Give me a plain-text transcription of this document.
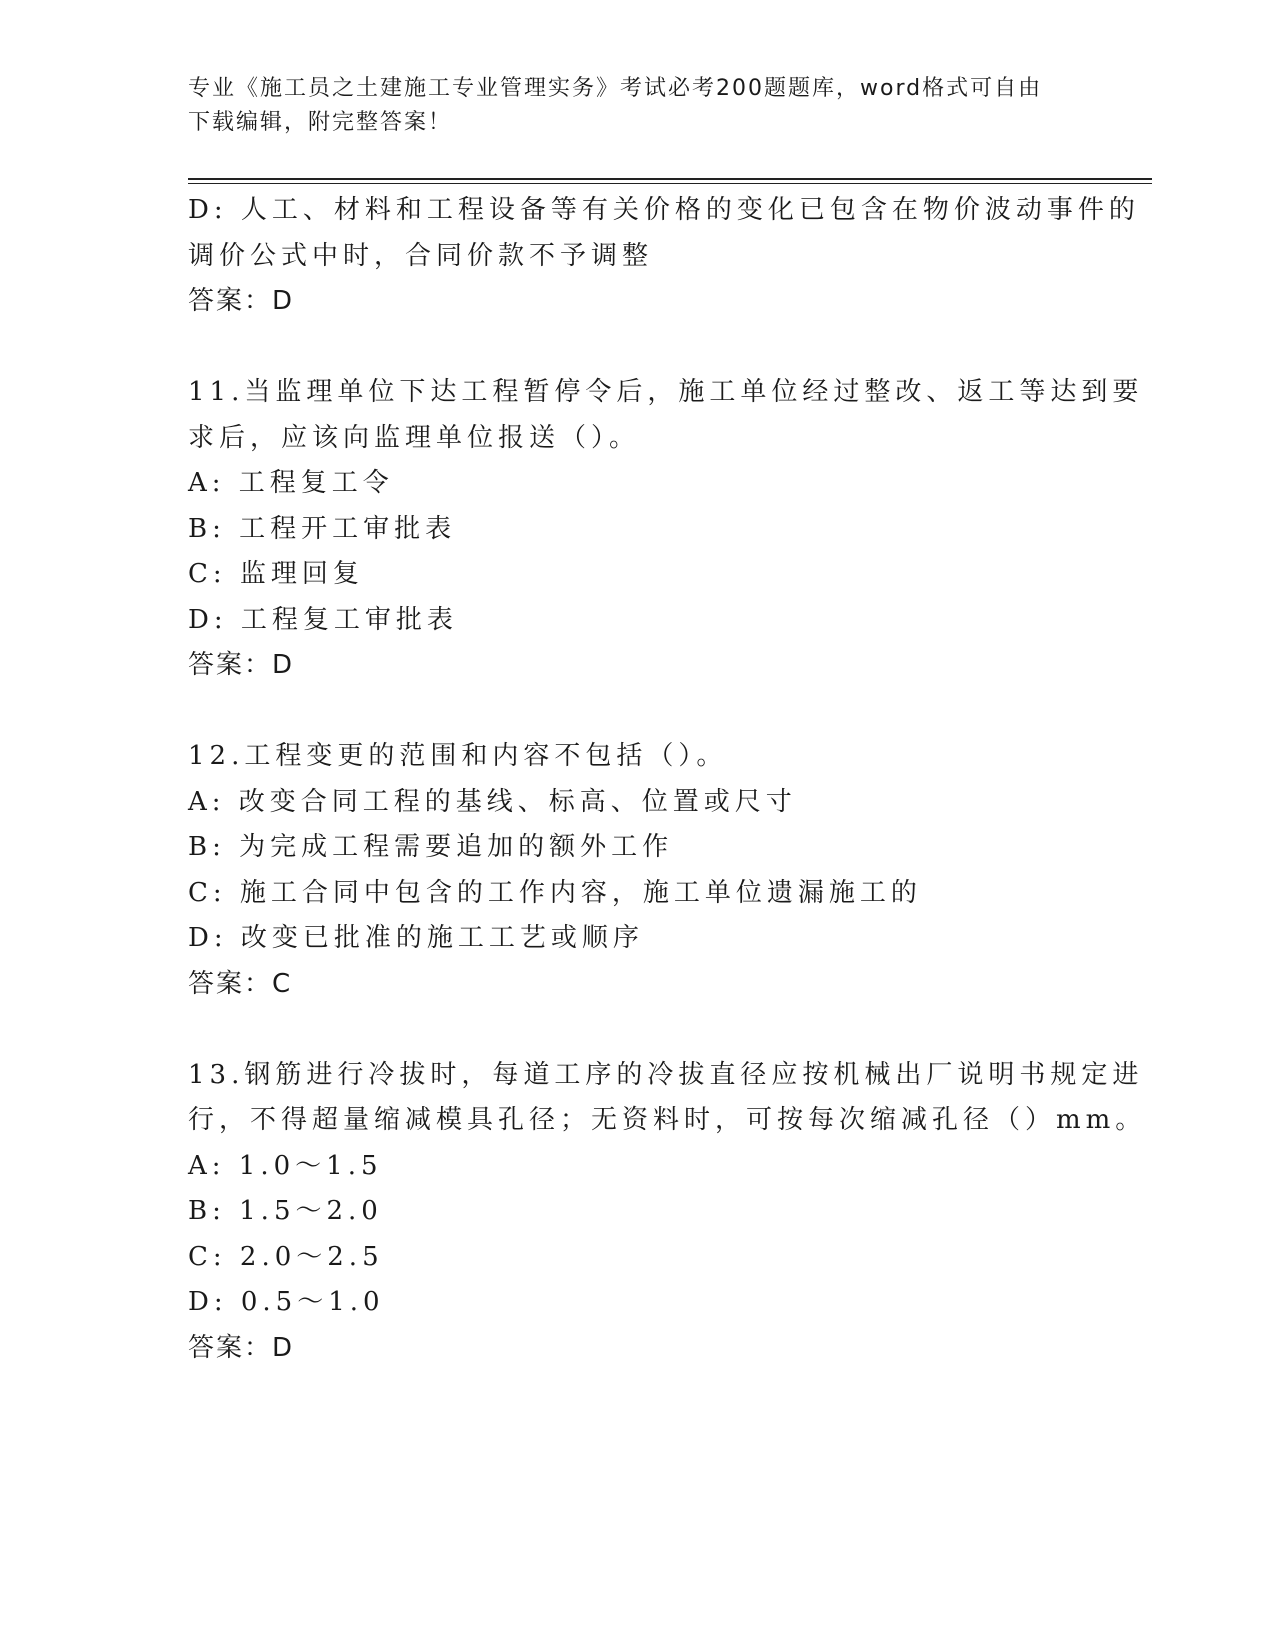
专业《施工员之土建施工专业管理实务》考试必考200题题库，word格式可自由
下载编辑，附完整答案！
D: 人工、材料和工程设备等有关价格的变化已包含在物价波动事件的
调价公式中时，合同价款不予调整
答案：D
11.当监理单位下达工程暂停令后，施工单位经过整改、返工等达到要
求后，应该向监理单位报送（）。
A: 工程复工令
B: 工程开工审批表
C: 监理回复
D: 工程复工审批表
答案：D
12.工程变更的范围和内容不包括（）。
A: 改变合同工程的基线、标高、位置或尺寸
B: 为完成工程需要追加的额外工作
C: 施工合同中包含的工作内容，施工单位遗漏施工的
D: 改变已批准的施工工艺或顺序
答案：C
13.钢筋进行冷拔时，每道工序的冷拔直径应按机械出厂说明书规定进
行，不得超量缩减模具孔径；无资料时，可按每次缩减孔径（）mm。
A: 1.0～1.5
B: 1.5～2.0
C: 2.0～2.5
D: 0.5～1.0
答案：D
